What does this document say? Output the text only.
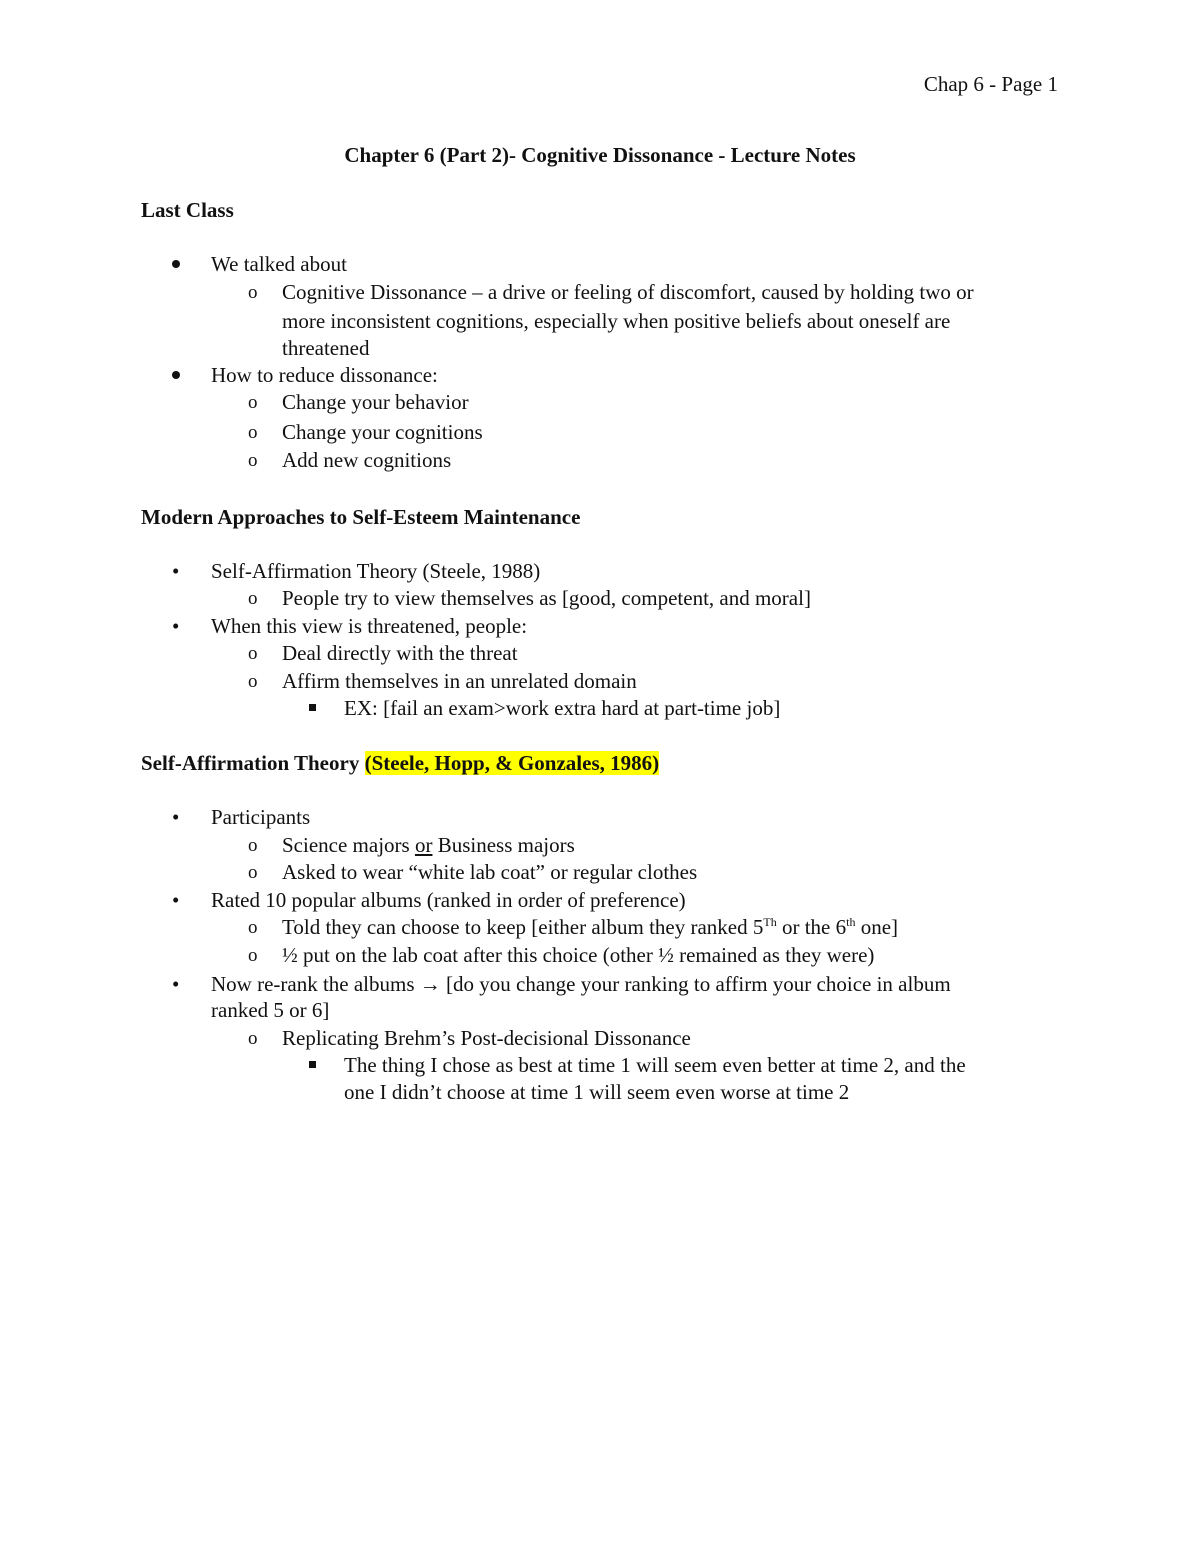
Chap 6 - Page 1
Chapter 6 (Part 2)- Cognitive Dissonance - Lecture Notes
Last Class
We talked about
o Cognitive Dissonance – a drive or feeling of discomfort, caused by holding two or
more inconsistent cognitions, especially when positive beliefs about oneself are
threatened
How to reduce dissonance:
o Change your behavior
o Change your cognitions
o Add new cognitions
Modern Approaches to Self-Esteem Maintenance
• Self-Affirmation Theory (Steele, 1988)
o People try to view themselves as [good, competent, and moral]
• When this view is threatened, people:
o Deal directly with the threat
o Affirm themselves in an unrelated domain
EX: [fail an exam>work extra hard at part-time job]
Self-Affirmation Theory (Steele, Hopp, & Gonzales, 1986)
• Participants
o Science majors or Business majors
o Asked to wear “white lab coat” or regular clothes
• Rated 10 popular albums (ranked in order of preference)
o Told they can choose to keep [either album they ranked 5Th or the 6th one]
o ½ put on the lab coat after this choice (other ½ remained as they were)
• Now re-rank the albums → [do you change your ranking to affirm your choice in album
ranked 5 or 6]
o Replicating Brehm’s Post-decisional Dissonance
The thing I chose as best at time 1 will seem even better at time 2, and the
one I didn’t choose at time 1 will seem even worse at time 2
